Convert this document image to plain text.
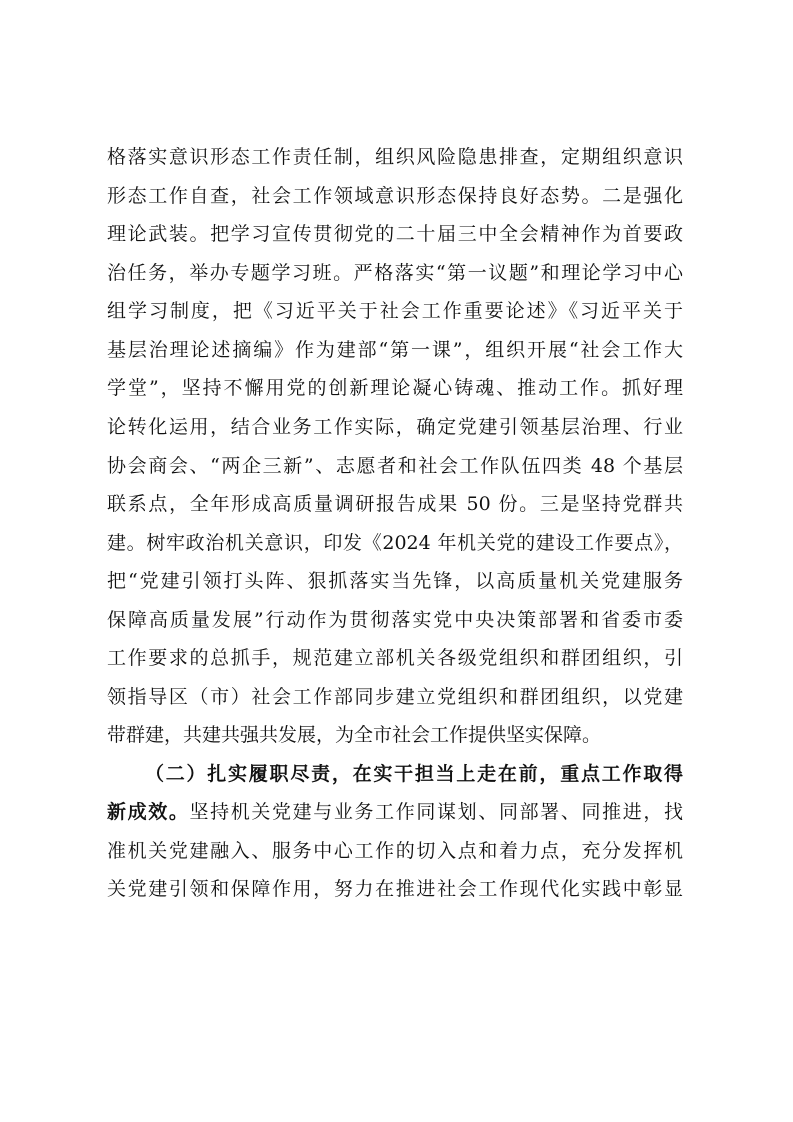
格落实意识形态工作责任制，组织风险隐患排查，定期组织意识
形态工作自查，社会工作领域意识形态保持良好态势。二是强化
理论武装。把学习宣传贯彻党的二十届三中全会精神作为首要政
治任务，举办专题学习班。严格落实“第一议题”和理论学习中心
组学习制度，把《习近平关于社会工作重要论述》《习近平关于
基层治理论述摘编》作为建部“第一课”，组织开展“社会工作大
学堂”，坚持不懈用党的创新理论凝心铸魂、推动工作。抓好理
论转化运用，结合业务工作实际，确定党建引领基层治理、行业
协会商会、“两企三新”、志愿者和社会工作队伍四类 48 个基层
联系点，全年形成高质量调研报告成果 50 份。三是坚持党群共
建。树牢政治机关意识，印发《2024 年机关党的建设工作要点》，
把“党建引领打头阵、狠抓落实当先锋，以高质量机关党建服务
保障高质量发展”行动作为贯彻落实党中央决策部署和省委市委
工作要求的总抓手，规范建立部机关各级党组织和群团组织，引
领指导区（市）社会工作部同步建立党组织和群团组织，以党建
带群建，共建共强共发展，为全市社会工作提供坚实保障。
（二）扎实履职尽责，在实干担当上走在前，重点工作取得
新成效。坚持机关党建与业务工作同谋划、同部署、同推进，找
准机关党建融入、服务中心工作的切入点和着力点，充分发挥机
关党建引领和保障作用，努力在推进社会工作现代化实践中彰显
